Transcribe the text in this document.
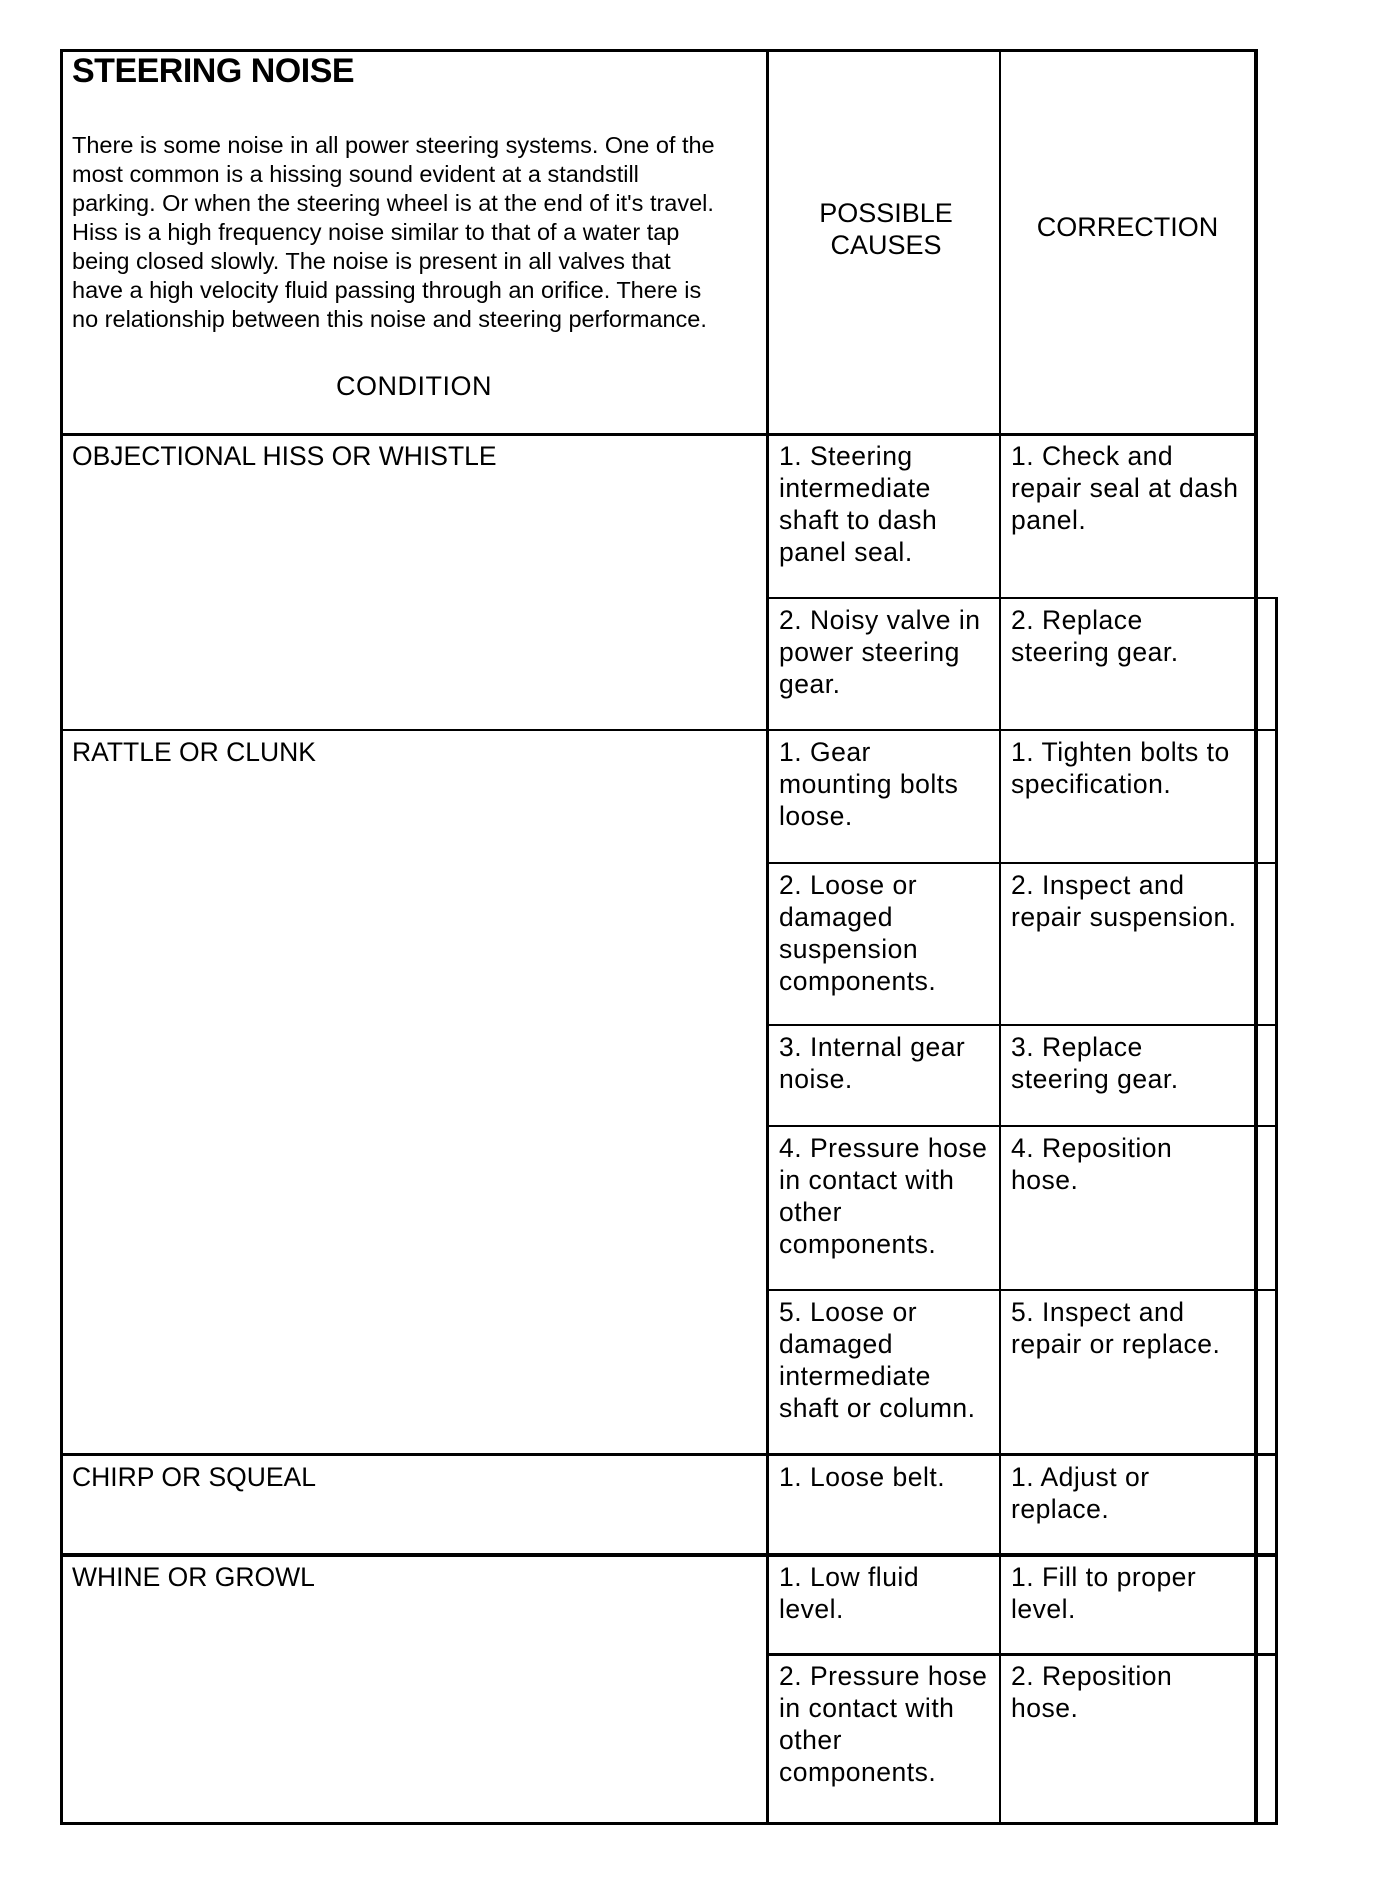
STEERING NOISE
There is some noise in all power steering systems. One of the
most common is a hissing sound evident at a standstill
parking. Or when the steering wheel is at the end of it's travel.
Hiss is a high frequency noise similar to that of a water tap
being closed slowly. The noise is present in all valves that
have a high velocity fluid passing through an orifice. There is
no relationship between this noise and steering performance.
CONDITION
POSSIBLE
CAUSES
CORRECTION
OBJECTIONAL HISS OR WHISTLE
RATTLE OR CLUNK
CHIRP OR SQUEAL
WHINE OR GROWL
1. Steering
intermediate
shaft to dash
panel seal.
1. Check and
repair seal at dash
panel.
2. Noisy valve in
power steering
gear.
2. Replace
steering gear.
1. Gear
mounting bolts
loose.
1. Tighten bolts to
specification.
2. Loose or
damaged
suspension
components.
2. Inspect and
repair suspension.
3. Internal gear
noise.
3. Replace
steering gear.
4. Pressure hose
in contact with
other
components.
4. Reposition
hose.
5. Loose or
damaged
intermediate
shaft or column.
5. Inspect and
repair or replace.
1. Loose belt. 1. Adjust or
replace.
1. Low fluid
level.
1. Fill to proper
level.
2. Pressure hose
in contact with
other
components.
2. Reposition
hose.
